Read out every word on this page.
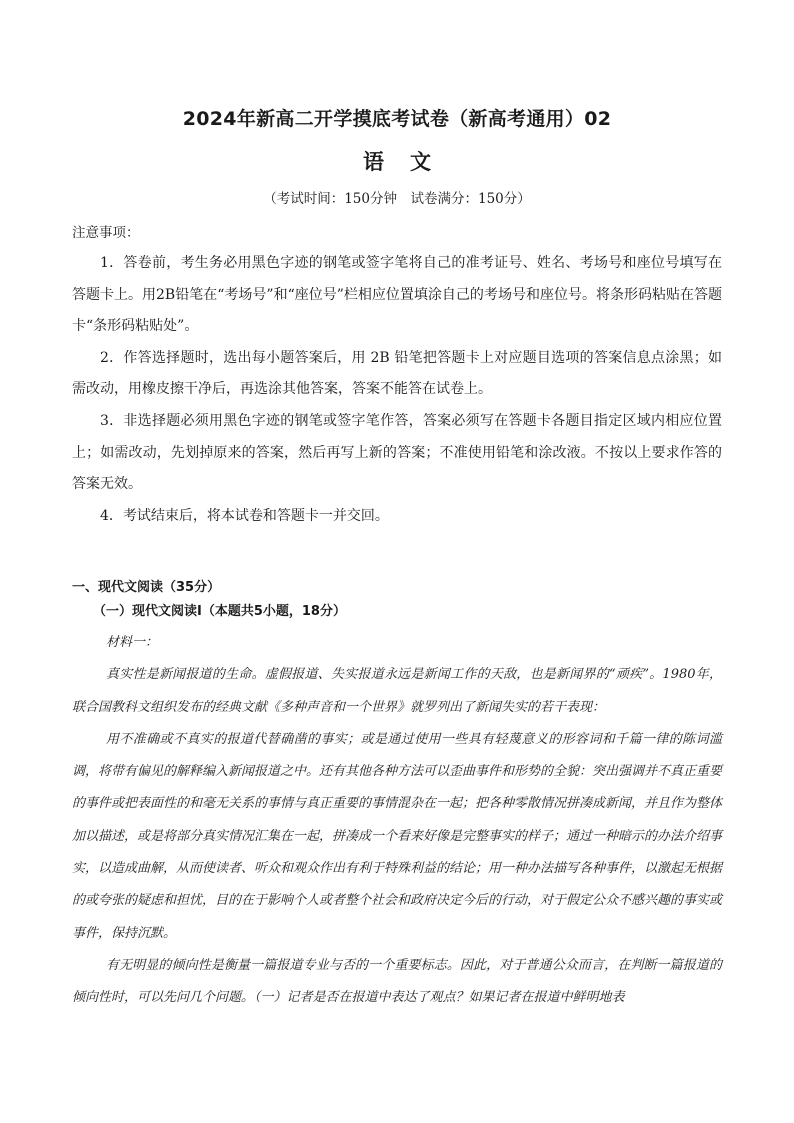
2024年新高二开学摸底考试卷（新高考通用）02
语 文
（考试时间：150分钟　试卷满分：150分）
注意事项：

1．答卷前，考生务必用黑色字迹的钢笔或签字笔将自己的准考证号、姓名、考场号和座位号填写在答题卡上。用2B铅笔在“考场号”和“座位号”栏相应位置填涂自己的考场号和座位号。将条形码粘贴在答题卡“条形码粘贴处”。

2．作答选择题时，选出每小题答案后，用 2B 铅笔把答题卡上对应题目选项的答案信息点涂黑；如需改动，用橡皮擦干净后，再选涂其他答案，答案不能答在试卷上。

3．非选择题必须用黑色字迹的钢笔或签字笔作答，答案必须写在答题卡各题目指定区域内相应位置上；如需改动，先划掉原来的答案，然后再写上新的答案；不准使用铅笔和涂改液。不按以上要求作答的答案无效。

4．考试结束后，将本试卷和答题卡一并交回。

一、现代文阅读（35分）
（一）现代文阅读Ⅰ（本题共5小题，18分）

材料一：

真实性是新闻报道的生命。虚假报道、失实报道永远是新闻工作的天敌，也是新闻界的“顽疾”。1980年，联合国教科文组织发布的经典文献《多种声音和一个世界》就罗列出了新闻失实的若干表现：

用不准确或不真实的报道代替确凿的事实；或是通过使用一些具有轻蔑意义的形容词和千篇一律的陈词滥调，将带有偏见的解释编入新闻报道之中。还有其他各种方法可以歪曲事件和形势的全貌：突出强调并不真正重要的事件或把表面性的和毫无关系的事情与真正重要的事情混杂在一起；把各种零散情况拼凑成新闻，并且作为整体加以描述，或是将部分真实情况汇集在一起，拼凑成一个看来好像是完整事实的样子；通过一种暗示的办法介绍事实，以造成曲解，从而使读者、听众和观众作出有利于特殊利益的结论；用一种办法描写各种事件，以激起无根据的或夸张的疑虑和担忧，目的在于影响个人或者整个社会和政府决定今后的行动，对于假定公众不感兴趣的事实或事件，保持沉默。

有无明显的倾向性是衡量一篇报道专业与否的一个重要标志。因此，对于普通公众而言，在判断一篇报道的倾向性时，可以先问几个问题。（一）记者是否在报道中表达了观点？如果记者在报道中鲜明地表
